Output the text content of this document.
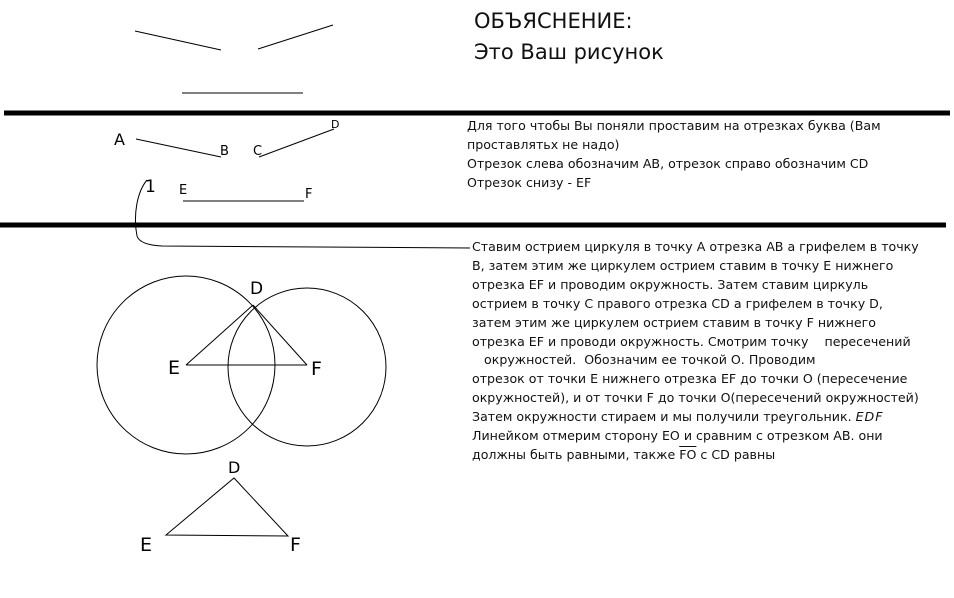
A
B C
D
E	F
1
D
E	F
D
E	F
ОБЪЯСНЕНИЕ:
Это Ваш рисунок
Для того чтобы Вы поняли проставим на отрезках буква (Вам
проставлятьх не надо)
Отрезок слева обозначим АВ, отрезок справо обозначим СD
Отрезок снизу - EF
Ставим острием циркуля в точку А отрезка АВ а грифелем в точку
В, затем этим же циркулем острием ставим в точку Е нижнего
отрезка EF и проводим окружность. Затем ставим циркуль
острием в точку С правого отрезка CD а грифелем в точку D,
затем этим же циркулем острием ставим в точку F нижнего
отрезка EF и проводи окружность. Смотрим точку    пересечений
окружностей.  Обозначим ее точкой О. Проводим
отрезок от точки Е нижнего отрезка EF до точки О (пересечение
окружностей), и от точки F до точки О(пересечений окружностей)
Затем окружности стираем и мы получили треугольник. EDF
Линейком отмерим сторону ЕО и сравним с отрезком АВ. они
должны быть равными, также $\overline{FO}$ с CD равны
